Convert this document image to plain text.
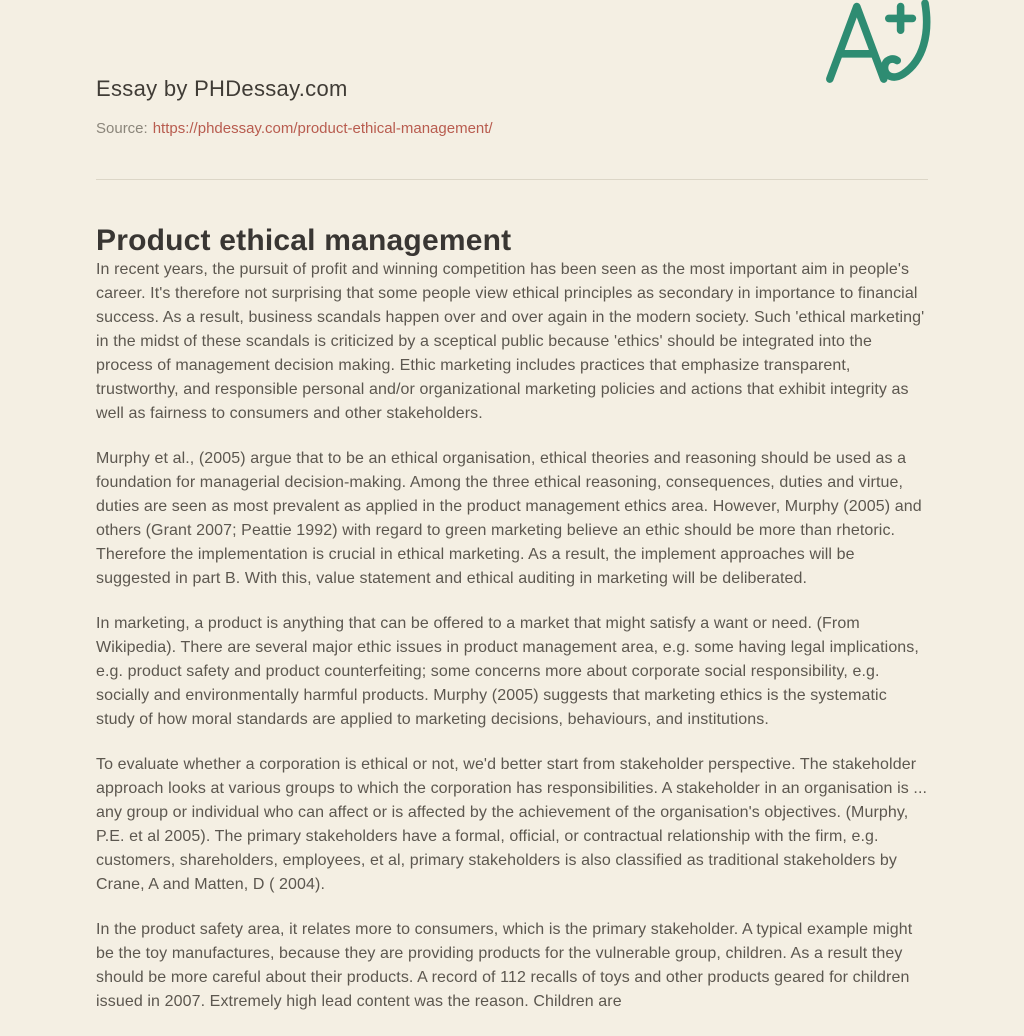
Essay by PHDessay.com
Source: https://phdessay.com/product-ethical-management/
Product ethical management

In recent years, the pursuit of profit and winning competition has been seen as the most important aim in people's career. It's therefore not surprising that some people view ethical principles as secondary in importance to financial success. As a result, business scandals happen over and over again in the modern society. Such 'ethical marketing' in the midst of these scandals is criticized by a sceptical public because 'ethics' should be integrated into the process of management decision making. Ethic marketing includes practices that emphasize transparent, trustworthy, and responsible personal and/or organizational marketing policies and actions that exhibit integrity as well as fairness to consumers and other stakeholders.

Murphy et al., (2005) argue that to be an ethical organisation, ethical theories and reasoning should be used as a foundation for managerial decision-making. Among the three ethical reasoning, consequences, duties and virtue, duties are seen as most prevalent as applied in the product management ethics area. However, Murphy (2005) and others (Grant 2007; Peattie 1992) with regard to green marketing believe an ethic should be more than rhetoric. Therefore the implementation is crucial in ethical marketing. As a result, the implement approaches will be suggested in part B. With this, value statement and ethical auditing in marketing will be deliberated.

In marketing, a product is anything that can be offered to a market that might satisfy a want or need. (From Wikipedia). There are several major ethic issues in product management area, e.g. some having legal implications, e.g. product safety and product counterfeiting; some concerns more about corporate social responsibility, e.g. socially and environmentally harmful products. Murphy (2005) suggests that marketing ethics is the systematic study of how moral standards are applied to marketing decisions, behaviours, and institutions.

To evaluate whether a corporation is ethical or not, we'd better start from stakeholder perspective. The stakeholder approach looks at various groups to which the corporation has responsibilities. A stakeholder in an organisation is ... any group or individual who can affect or is affected by the achievement of the organisation's objectives. (Murphy, P.E. et al 2005). The primary stakeholders have a formal, official, or contractual relationship with the firm, e.g. customers, shareholders, employees, et al, primary stakeholders is also classified as traditional stakeholders by Crane, A and Matten, D ( 2004).

In the product safety area, it relates more to consumers, which is the primary stakeholder. A typical example might be the toy manufactures, because they are providing products for the vulnerable group, children. As a result they should be more careful about their products. A record of 112 recalls of toys and other products geared for children issued in 2007. Extremely high lead content was the reason. Children are
